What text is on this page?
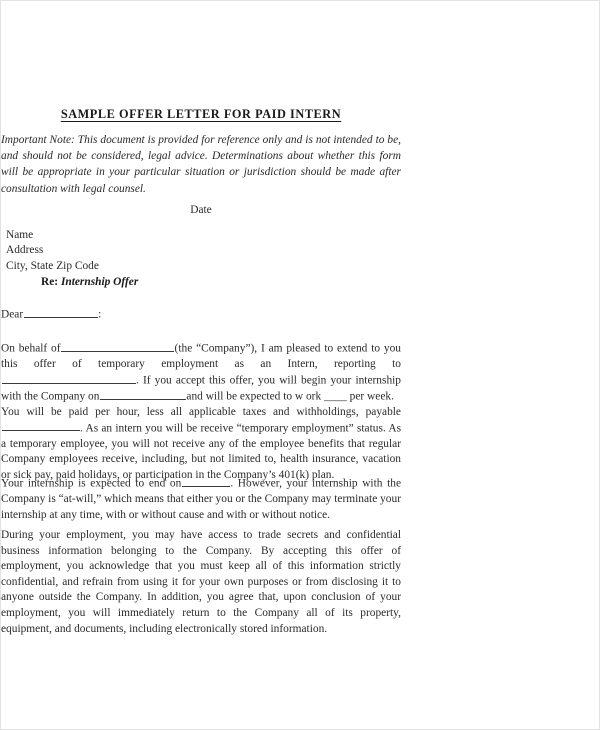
SAMPLE OFFER LETTER FOR PAID INTERN

Important Note: This document is provided for reference only and is not intended to be, and should not be considered, legal advice. Determinations about whether this form will be appropriate in your particular situation or jurisdiction should be made after consultation with legal counsel.

Date
Name
Address
City, State Zip Code
Re: Internship Offer
Dear	:

On behalf of	(the “Company”), I am pleased to extend to you this offer of temporary employment as an Intern, reporting to. If you accept this offer, you will begin your internship with the Company on	and will be expected to w ork ____ per week.

You will be paid per hour, less all applicable taxes and withholdings, payable. As an intern you will be receive “temporary employment” status. As a temporary employee, you will not receive any of the employee benefits that regular Company employees receive, including, but not limited to, health insurance, vacation or sick pay, paid holidays, or participation in the Company’s 401(k) plan.

Your internship is expected to end on	. However, your internship with the Company is “at-will,” which means that either you or the Company may terminate your internship at any time, with or without cause and with or without notice.

During your employment, you may have access to trade secrets and confidential business information belonging to the Company. By accepting this offer of employment, you acknowledge that you must keep all of this information strictly confidential, and refrain from using it for your own purposes or from disclosing it to anyone outside the Company. In addition, you agree that, upon conclusion of your employment, you will immediately return to the Company all of its property, equipment, and documents, including electronically stored information.
